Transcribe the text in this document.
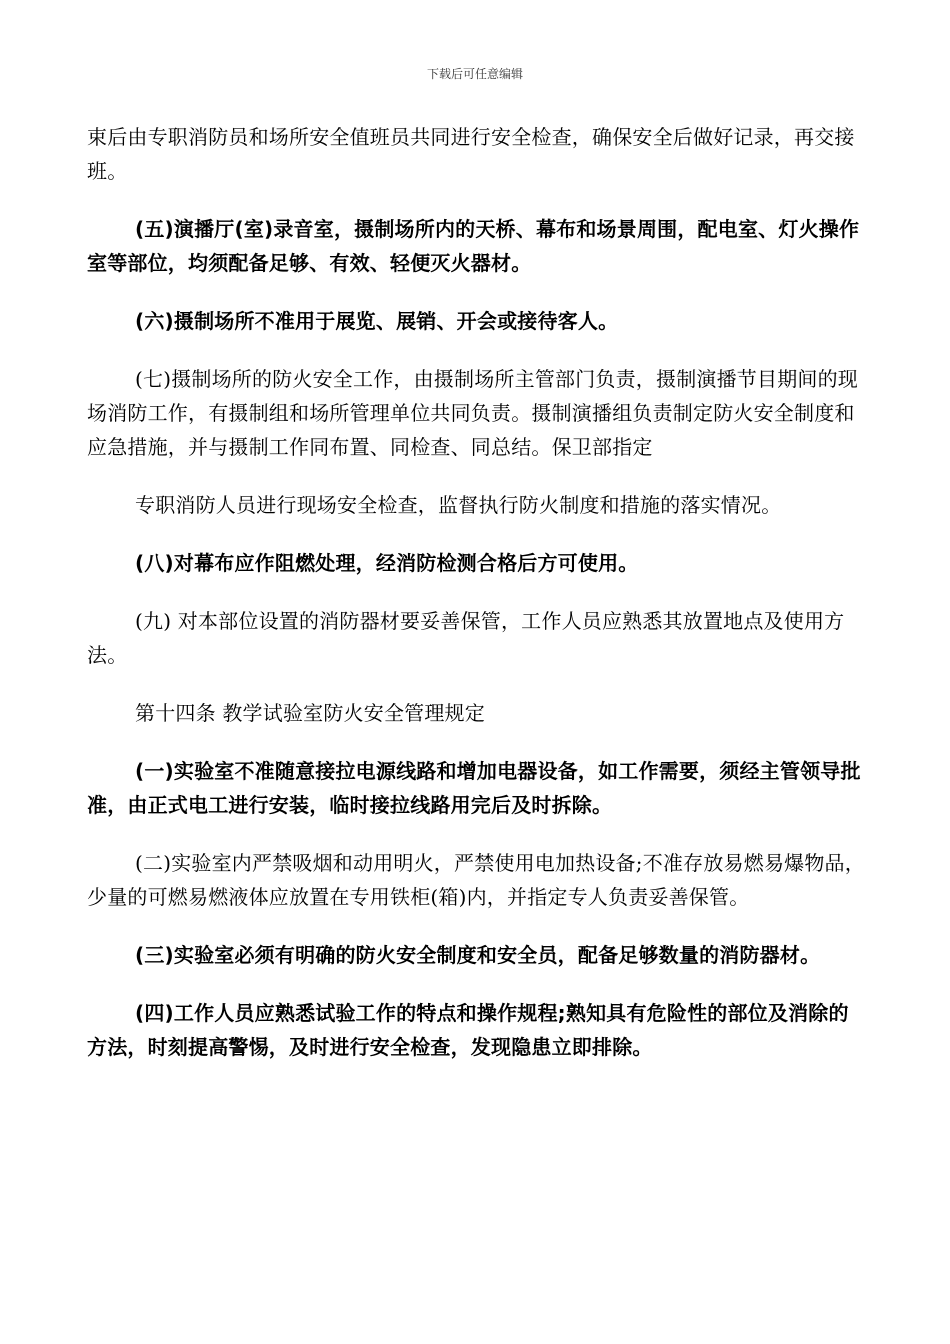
下载后可任意编辑

束后由专职消防员和场所安全值班员共同进行安全检查，确保安全后做好记录，再交接班。

(五)演播厅(室)录音室，摄制场所内的天桥、幕布和场景周围，配电室、灯火操作室等部位，均须配备足够、有效、轻便灭火器材。

(六)摄制场所不准用于展览、展销、开会或接待客人。

(七)摄制场所的防火安全工作，由摄制场所主管部门负责，摄制演播节目期间的现场消防工作，有摄制组和场所管理单位共同负责。摄制演播组负责制定防火安全制度和应急措施，并与摄制工作同布置、同检查、同总结。保卫部指定

专职消防人员进行现场安全检查，监督执行防火制度和措施的落实情况。

(八)对幕布应作阻燃处理，经消防检测合格后方可使用。

(九) 对本部位设置的消防器材要妥善保管，工作人员应熟悉其放置地点及使用方法。

第十四条 教学试验室防火安全管理规定

(一)实验室不准随意接拉电源线路和增加电器设备，如工作需要，须经主管领导批准，由正式电工进行安装，临时接拉线路用完后及时拆除。

(二)实验室内严禁吸烟和动用明火，严禁使用电加热设备;不准存放易燃易爆物品，少量的可燃易燃液体应放置在专用铁柜(箱)内，并指定专人负责妥善保管。

(三)实验室必须有明确的防火安全制度和安全员，配备足够数量的消防器材。

(四)工作人员应熟悉试验工作的特点和操作规程;熟知具有危险性的部位及消除的方法，时刻提高警惕，及时进行安全检查，发现隐患立即排除。
